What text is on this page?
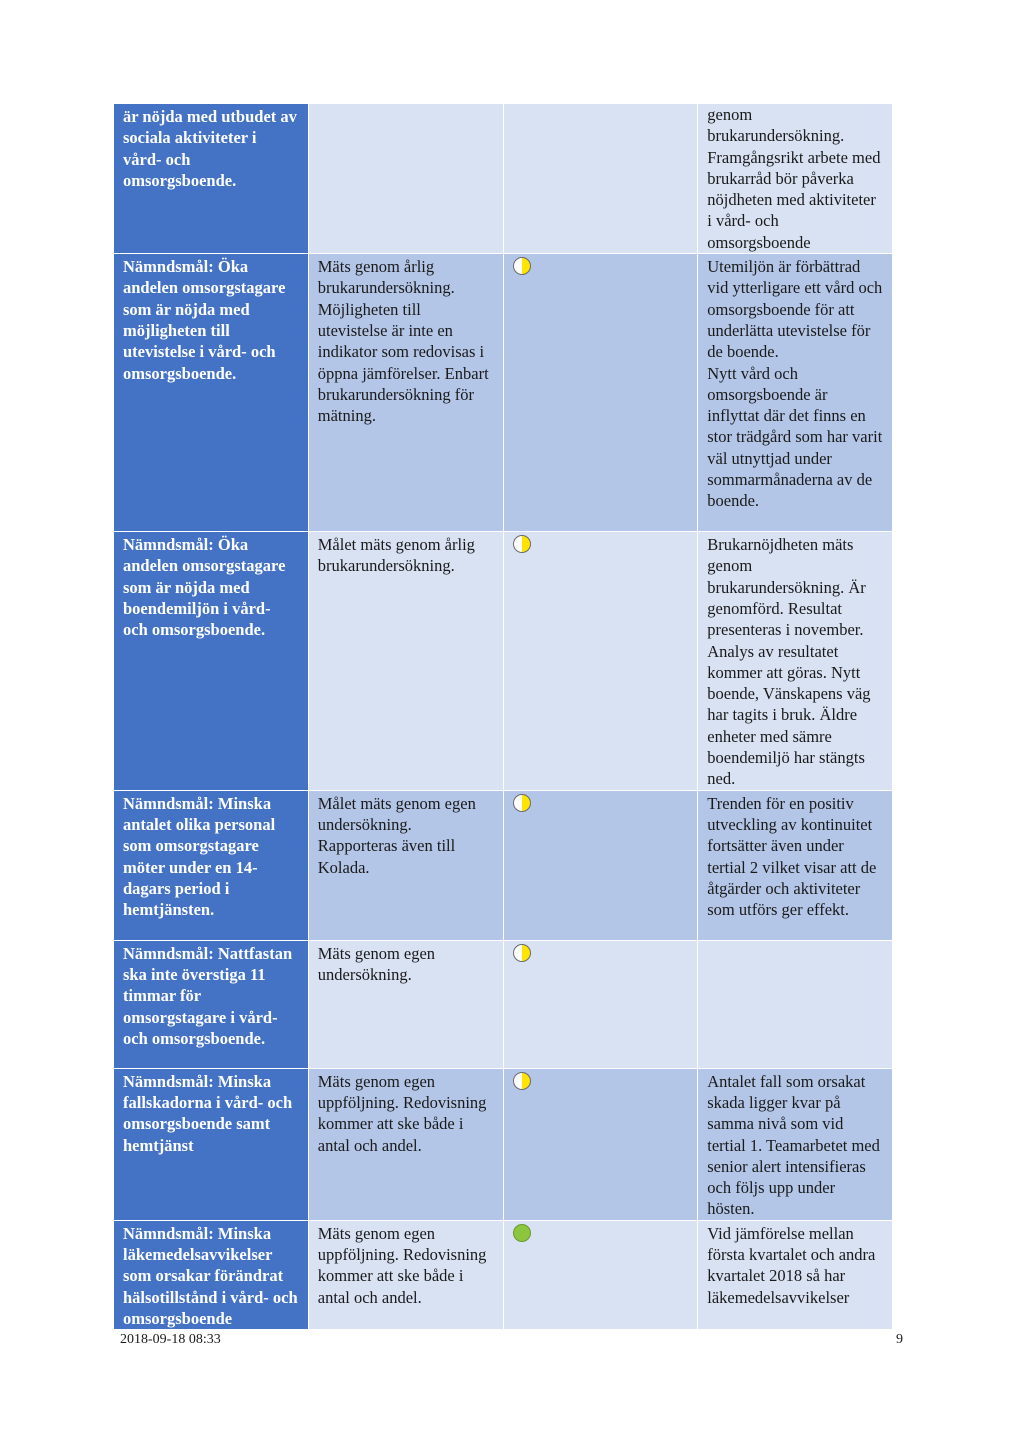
är nöjda med utbudet av sociala aktiviteter i vård- och omsorgsboende.			genom brukarundersökning. Framgångsrikt arbete med brukarråd bör påverka nöjdheten med aktiviteter i vård- och omsorgsboende
Nämndsmål: Öka andelen omsorgstagare som är nöjda med möjligheten till utevistelse i vård- och omsorgsboende.	Mäts genom årlig brukarundersökning. Möjligheten till utevistelse är inte en indikator som redovisas i öppna jämförelser. Enbart brukarundersökning för mätning.		Utemiljön är förbättrad vid ytterligare ett vård och omsorgsboende för att underlätta utevistelse för de boende.
Nytt vård och omsorgsboende är inflyttat där det finns en stor trädgård som har varit väl utnyttjad under sommarmånaderna av de boende.

Nämndsmål: Öka andelen omsorgstagare som är nöjda med boendemiljön i vård- och omsorgsboende.	Målet mäts genom årlig brukarundersökning.		Brukarnöjdheten mäts genom brukarundersökning. Är genomförd. Resultat presenteras i november. Analys av resultatet kommer att göras. Nytt boende, Vänskapens väg har tagits i bruk. Äldre enheter med sämre boendemiljö har stängts ned.
Nämndsmål: Minska antalet olika personal som omsorgstagare möter under en 14-dagars period i hemtjänsten.	Målet mäts genom egen undersökning. Rapporteras även till Kolada.		Trenden för en positiv utveckling av kontinuitet fortsätter även under tertial 2 vilket visar att de åtgärder och aktiviteter som utförs ger effekt.
Nämndsmål: Nattfastan ska inte överstiga 11 timmar för omsorgstagare i vård- och omsorgsboende.	Mäts genom egen undersökning.	

Nämndsmål: Minska fallskadorna i vård- och omsorgsboende samt hemtjänst	Mäts genom egen uppföljning. Redovisning kommer att ske både i antal och andel.		Antalet fall som orsakat skada ligger kvar på samma nivå som vid tertial 1. Teamarbetet med senior alert intensifieras och följs upp under hösten.
Nämndsmål: Minska läkemedelsavvikelser som orsakar förändrat hälsotillstånd i vård- och omsorgsboende	Mäts genom egen uppföljning. Redovisning kommer att ske både i antal och andel.		Vid jämförelse mellan första kvartalet och andra kvartalet 2018 så har läkemedelsavvikelser
2018-09-18 08:33	9
